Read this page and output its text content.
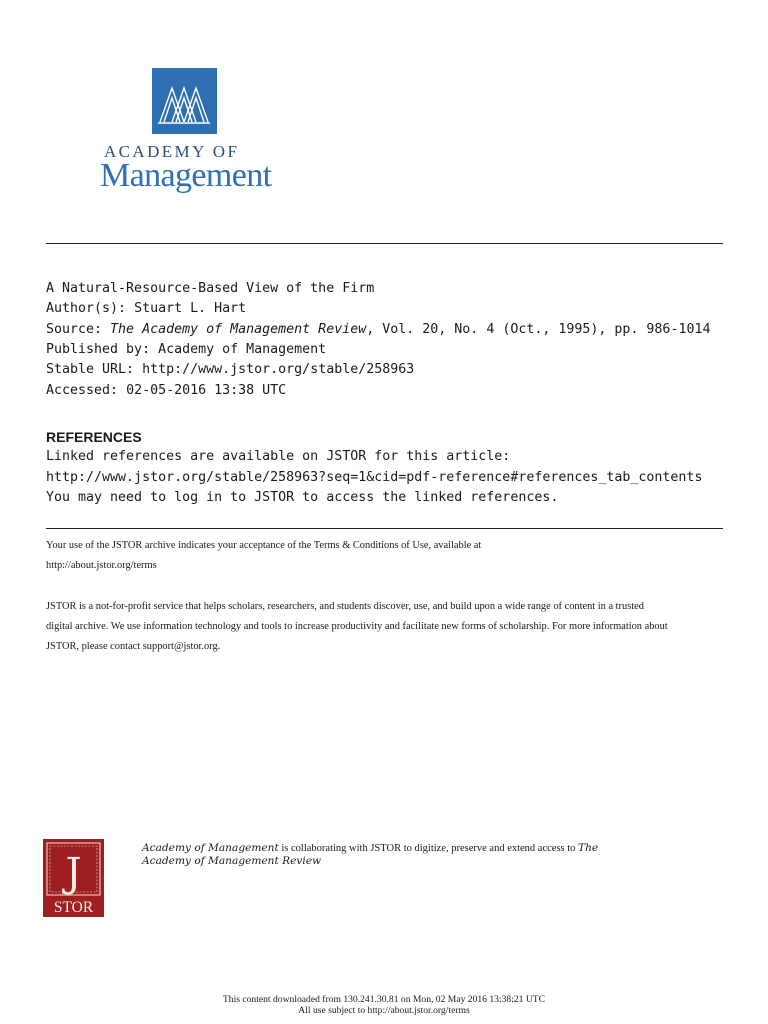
ACADEMY OF
Management
A Natural-Resource-Based View of the Firm
Author(s): Stuart L. Hart
Source: The Academy of Management Review, Vol. 20, No. 4 (Oct., 1995), pp. 986-1014
Published by: Academy of Management
Stable URL: http://www.jstor.org/stable/258963
Accessed: 02-05-2016 13:38 UTC
REFERENCES
Linked references are available on JSTOR for this article:
http://www.jstor.org/stable/258963?seq=1&cid=pdf-reference#references_tab_contents
You may need to log in to JSTOR to access the linked references.
Your use of the JSTOR archive indicates your acceptance of the Terms & Conditions of Use, available at
http://about.jstor.org/terms
JSTOR is a not-for-profit service that helps scholars, researchers, and students discover, use, and build upon a wide range of content in a trusted
digital archive. We use information technology and tools to increase productivity and facilitate new forms of scholarship. For more information about
JSTOR, please contact support@jstor.org.
J
STOR
Academy of Management is collaborating with JSTOR to digitize, preserve and extend access to The
Academy of Management Review
This content downloaded from 130.241.30.81 on Mon, 02 May 2016 13:38:21 UTC
All use subject to http://about.jstor.org/terms
